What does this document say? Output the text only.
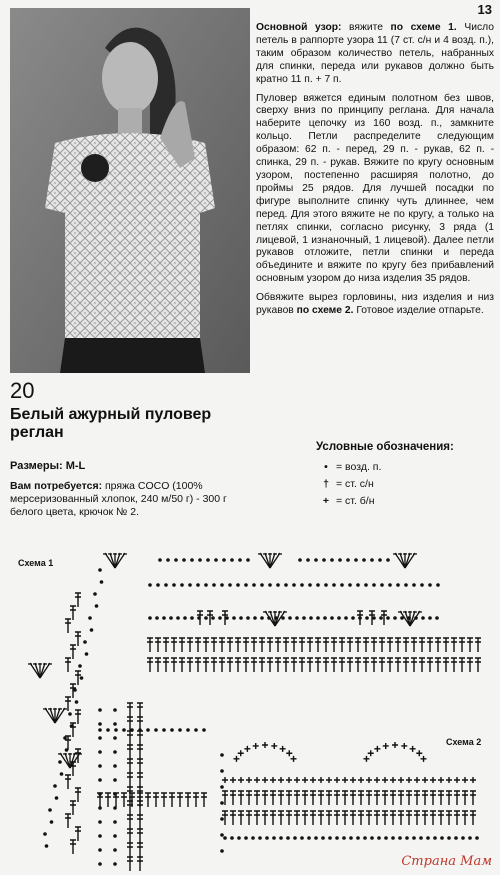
13

Основной узор: вяжите по схеме 1. Число петель в раппорте узора 11 (7 ст. с/н и 4 возд. п.), таким образом количество петель, набранных для спинки, переда или рукавов должно быть кратно 11 п. + 7 п.

Пуловер вяжется единым полотном без швов, сверху вниз по принципу реглана. Для начала наберите цепочку из 160 возд. п., замкните кольцо. Петли распределите следующим образом: 62 п. - перед, 29 п. - рукав, 62 п. - спинка, 29 п. - рукав. Вяжите по кругу основным узором, постепенно расширяя полотно, до проймы 25 рядов. Для лучшей посадки по фигуре выполните спинку чуть длиннее, чем перед. Для этого вяжите не по кругу, а только на петлях спинки, согласно рисунку, 3 ряда (1 лицевой, 1 изнаночный, 1 лицевой). Далее петли рукавов отложите, петли спинки и переда объедините и вяжите по кругу без прибавлений основным узором до низа изделия 35 рядов.

Обвяжите вырез горловины, низ изделия и низ рукавов по схеме 2. Готовое изделие отпарьте.

20
Белый ажурный пуловер реглан
Размеры: M-L
Вам потребуется: пряжа COCO (100% мерсеризованный хлопок, 240 м/50 г) - 300 г белого цвета, крючок № 2.
Условные обозначения:
• = возд. п.
† = ст. с/н
+ = ст. б/н
Схема 1
Схема 2
Страна Мам
